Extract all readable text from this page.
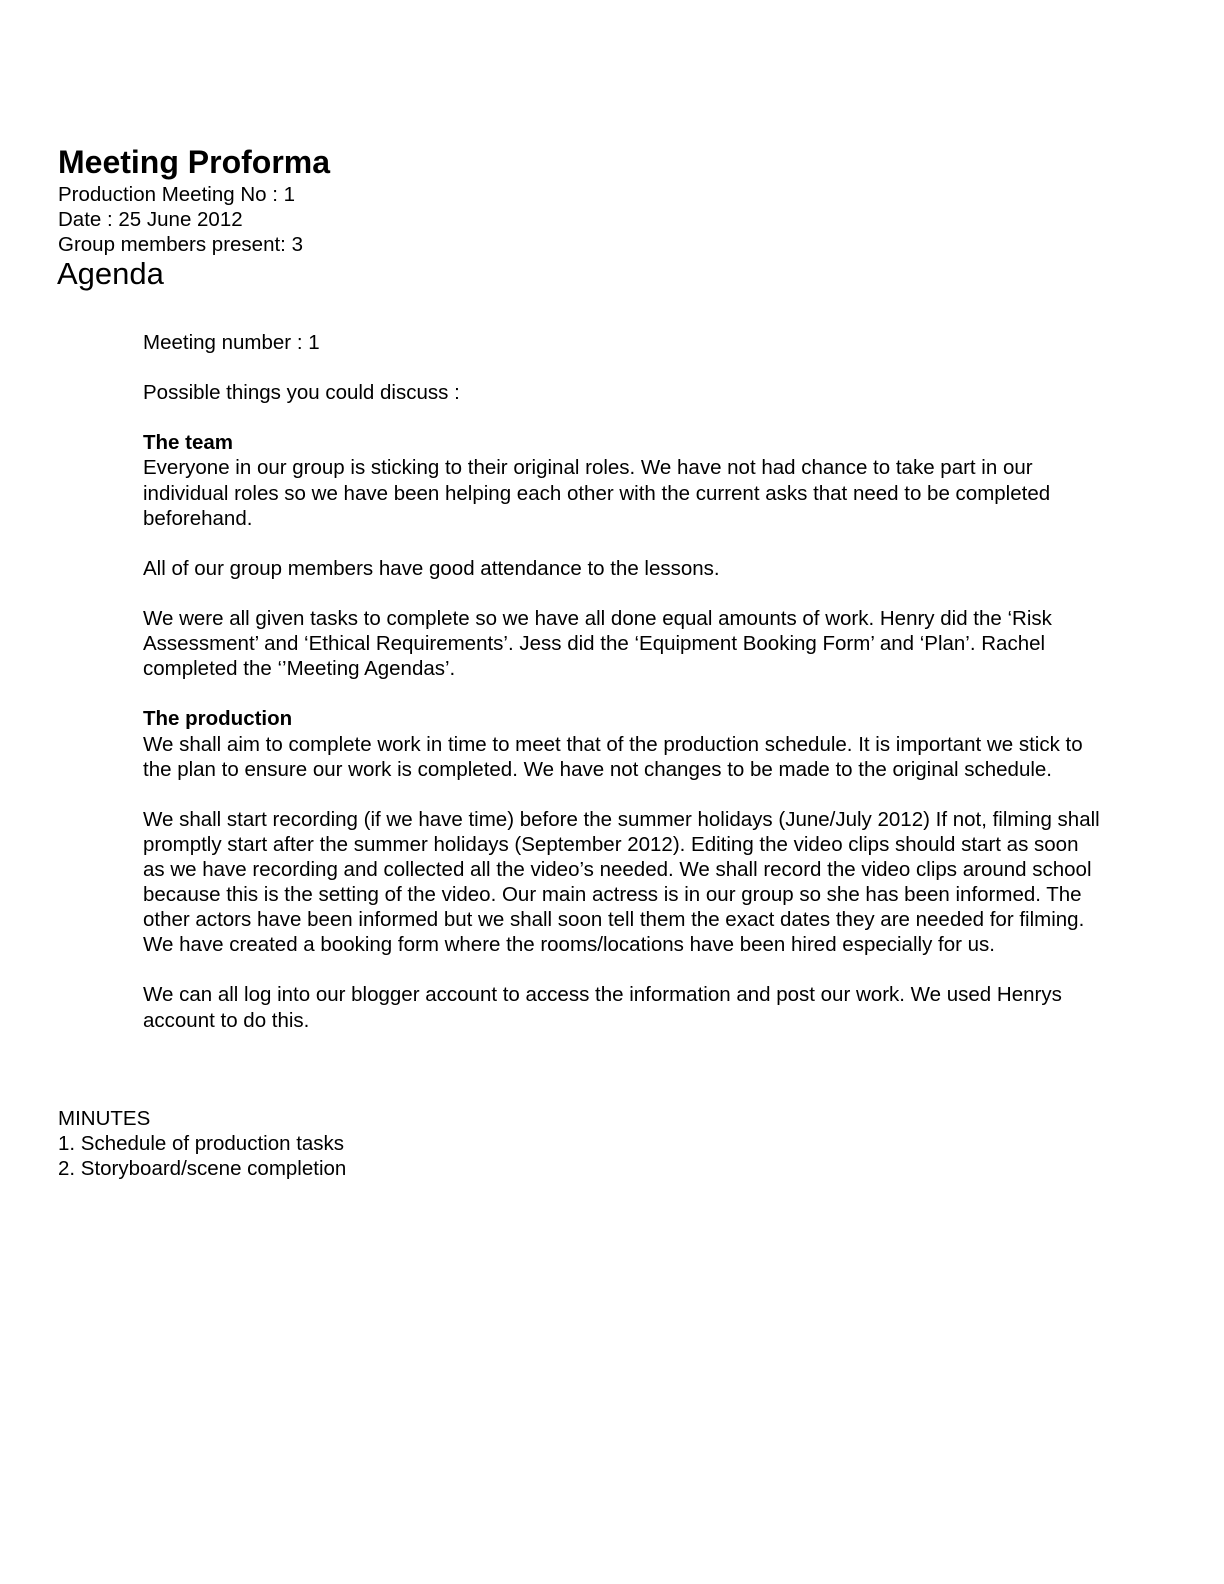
Meeting Proforma
Production Meeting No : 1
Date : 25 June 2012
Group members present: 3
Agenda

Meeting number : 1

Possible things you could discuss :

The team
Everyone in our group is sticking to their original roles. We have not had chance to take part in our individual roles so we have been helping each other with the current asks that need to be completed beforehand.

All of our group members have good attendance to the lessons.

We were all given tasks to complete so we have all done equal amounts of work. Henry did the ‘Risk Assessment’ and ‘Ethical Requirements’. Jess did the ‘Equipment Booking Form’ and ‘Plan’. Rachel completed the ‘’Meeting Agendas’.

The production
We shall aim to complete work in time to meet that of the production schedule. It is important we stick to the plan to ensure our work is completed. We have not changes to be made to the original schedule.

We shall start recording (if we have time) before the summer holidays (June/July 2012) If not, filming shall promptly start after the summer holidays (September 2012). Editing the video clips should start as soon as we have recording and collected all the video’s needed. We shall record the video clips around school because this is the setting of the video. Our main actress is in our group so she has been informed. The other actors have been informed but we shall soon tell them the exact dates they are needed for filming. We have created a booking form where the rooms/locations have been hired especially for us.

We can all log into our blogger account to access the information and post our work. We used Henrys account to do this.

MINUTES
1. Schedule of production tasks
2. Storyboard/scene completion
